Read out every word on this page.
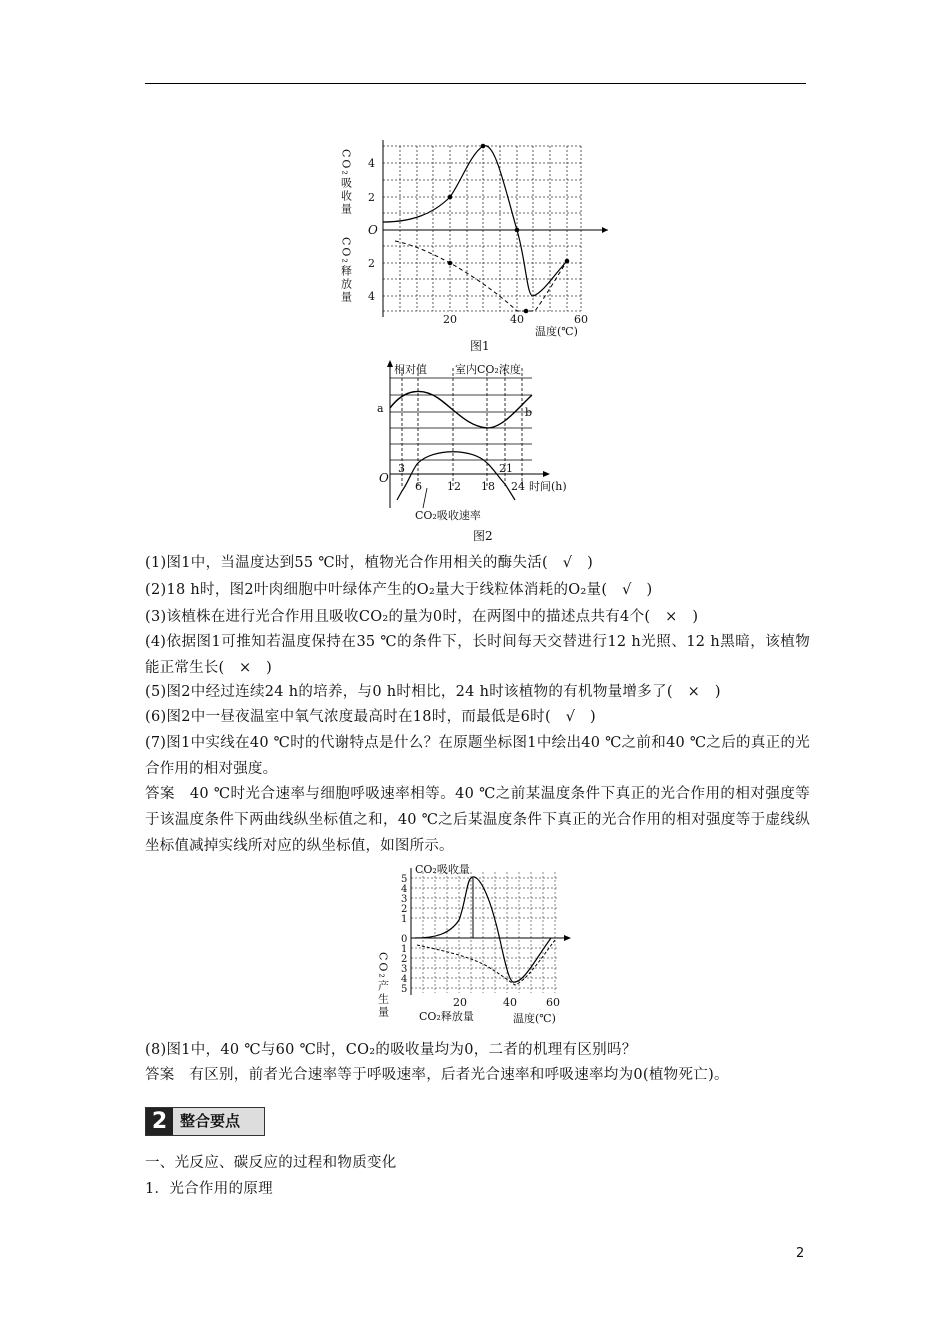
CO₂吸收量
CO₂释放量
4
2
O
2
4
20	40	60
温度(℃)
图1
a	b
相对值	室内CO₂浓度
O
3
6 12 18
21
24 时间(h)
CO₂吸收速率
图2
(1)图1中，当温度达到55 ℃时，植物光合作用相关的酶失活(　√　)
(2)18 h时，图2叶肉细胞中叶绿体产生的O₂量大于线粒体消耗的O₂量(　√　)
(3)该植株在进行光合作用且吸收CO₂的量为0时，在两图中的描述点共有4个(　×　)
(4)依据图1可推知若温度保持在35 ℃的条件下，长时间每天交替进行12 h光照、12 h黑暗，该植物能正常生长(　×　)
(5)图2中经过连续24 h的培养，与0 h时相比，24 h时该植物的有机物量增多了(　×　)
(6)图2中一昼夜温室中氧气浓度最高时在18时，而最低是6时(　√　)
(7)图1中实线在40 ℃时的代谢特点是什么？在原题坐标图1中绘出40 ℃之前和40 ℃之后的真正的光合作用的相对强度。
答案　40 ℃时光合速率与细胞呼吸速率相等。40 ℃之前某温度条件下真正的光合作用的相对强度等于该温度条件下两曲线纵坐标值之和，40 ℃之后某温度条件下真正的光合作用的相对强度等于虚线纵坐标值减掉实线所对应的纵坐标值，如图所示。
CO₂吸收量
CO₂产生量
5
4
3
2
1
0
1
2
3
4
5
20	40	60
CO₂释放量	温度(℃)
(8)图1中，40 ℃与60 ℃时，CO₂的吸收量均为0，二者的机理有区别吗？
答案　有区别，前者光合速率等于呼吸速率，后者光合速率和呼吸速率均为0(植物死亡)。
2 整合要点
一、光反应、碳反应的过程和物质变化
1．光合作用的原理
2
